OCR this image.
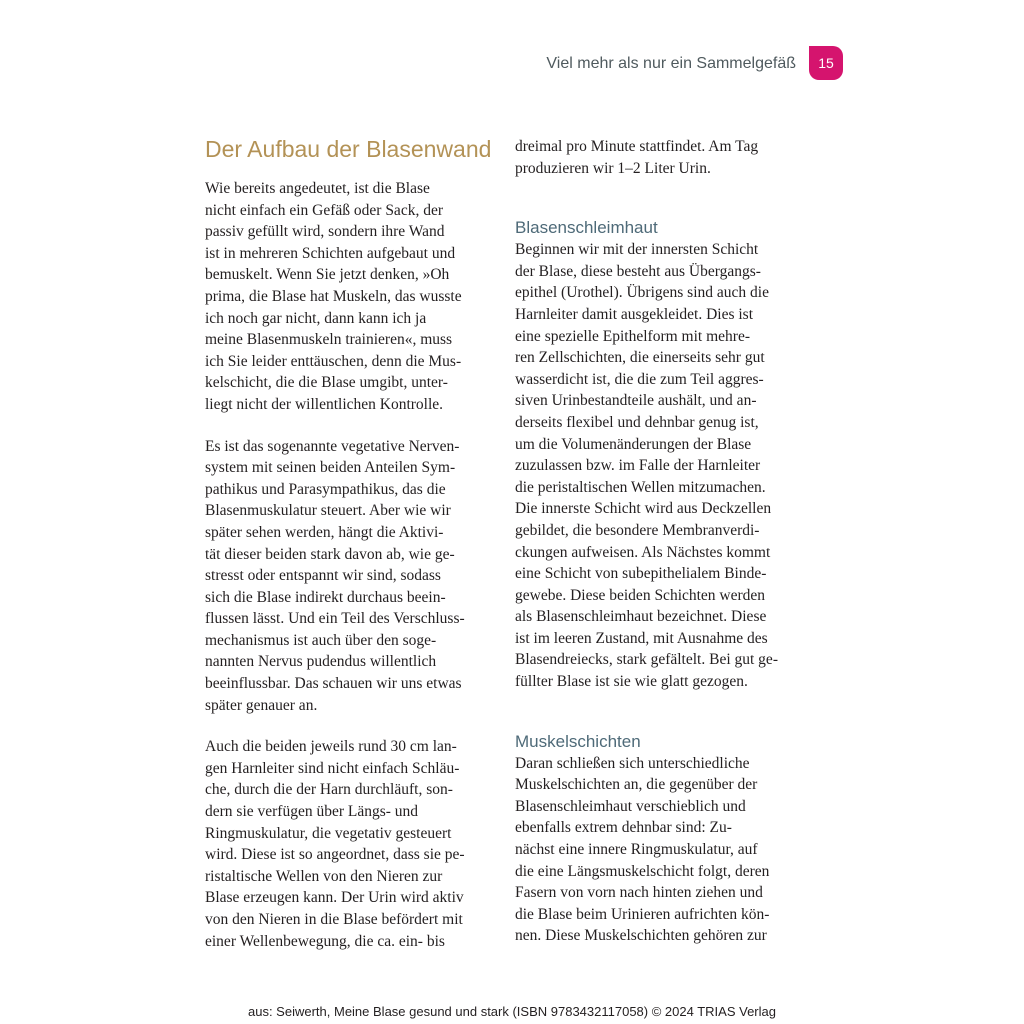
Viel mehr als nur ein Sammelgefäß	15
Der Aufbau der Blasenwand

Wie bereits angedeutet, ist die Blase
nicht einfach ein Gefäß oder Sack, der
passiv gefüllt wird, sondern ihre Wand
ist in mehreren Schichten aufgebaut und
bemuskelt. Wenn Sie jetzt denken, »Oh
prima, die Blase hat Muskeln, das wusste
ich noch gar nicht, dann kann ich ja
meine Blasenmuskeln trainieren«, muss
ich Sie leider enttäuschen, denn die Mus-
kelschicht, die die Blase umgibt, unter-
liegt nicht der willentlichen Kontrolle.

Es ist das sogenannte vegetative Nerven-
system mit seinen beiden Anteilen Sym-
pathikus und Parasympathikus, das die
Blasenmuskulatur steuert. Aber wie wir
später sehen werden, hängt die Aktivi-
tät dieser beiden stark davon ab, wie ge-
stresst oder entspannt wir sind, sodass
sich die Blase indirekt durchaus beein-
flussen lässt. Und ein Teil des Verschluss-
mechanismus ist auch über den soge-
nannten Nervus pudendus willentlich
beeinflussbar. Das schauen wir uns etwas
später genauer an.

Auch die beiden jeweils rund 30 cm lan-
gen Harnleiter sind nicht einfach Schläu-
che, durch die der Harn durchläuft, son-
dern sie verfügen über Längs- und
Ringmuskulatur, die vegetativ gesteuert
wird. Diese ist so angeordnet, dass sie pe-
ristaltische Wellen von den Nieren zur
Blase erzeugen kann. Der Urin wird aktiv
von den Nieren in die Blase befördert mit
einer Wellenbewegung, die ca. ein- bis

dreimal pro Minute stattfindet. Am Tag
produzieren wir 1–2 Liter Urin.

Blasenschleimhaut

Beginnen wir mit der innersten Schicht
der Blase, diese besteht aus Übergangs-
epithel (Urothel). Übrigens sind auch die
Harnleiter damit ausgekleidet. Dies ist
eine spezielle Epithelform mit mehre-
ren Zellschichten, die einerseits sehr gut
wasserdicht ist, die die zum Teil aggres-
siven Urinbestandteile aushält, und an-
derseits flexibel und dehnbar genug ist,
um die Volumenänderungen der Blase
zuzulassen bzw. im Falle der Harnleiter
die peristaltischen Wellen mitzumachen.
Die innerste Schicht wird aus Deckzellen
gebildet, die besondere Membranverdi-
ckungen aufweisen. Als Nächstes kommt
eine Schicht von subepithelialem Binde-
gewebe. Diese beiden Schichten werden
als Blasenschleimhaut bezeichnet. Diese
ist im leeren Zustand, mit Ausnahme des
Blasendreiecks, stark gefältelt. Bei gut ge-
füllter Blase ist sie wie glatt gezogen.

Muskelschichten

Daran schließen sich unterschiedliche
Muskelschichten an, die gegenüber der
Blasenschleimhaut verschieblich und
ebenfalls extrem dehnbar sind: Zu-
nächst eine innere Ringmuskulatur, auf
die eine Längsmuskelschicht folgt, deren
Fasern von vorn nach hinten ziehen und
die Blase beim Urinieren aufrichten kön-
nen. Diese Muskelschichten gehören zur

aus: Seiwerth, Meine Blase gesund und stark (ISBN 9783432117058) © 2024 TRIAS Verlag
